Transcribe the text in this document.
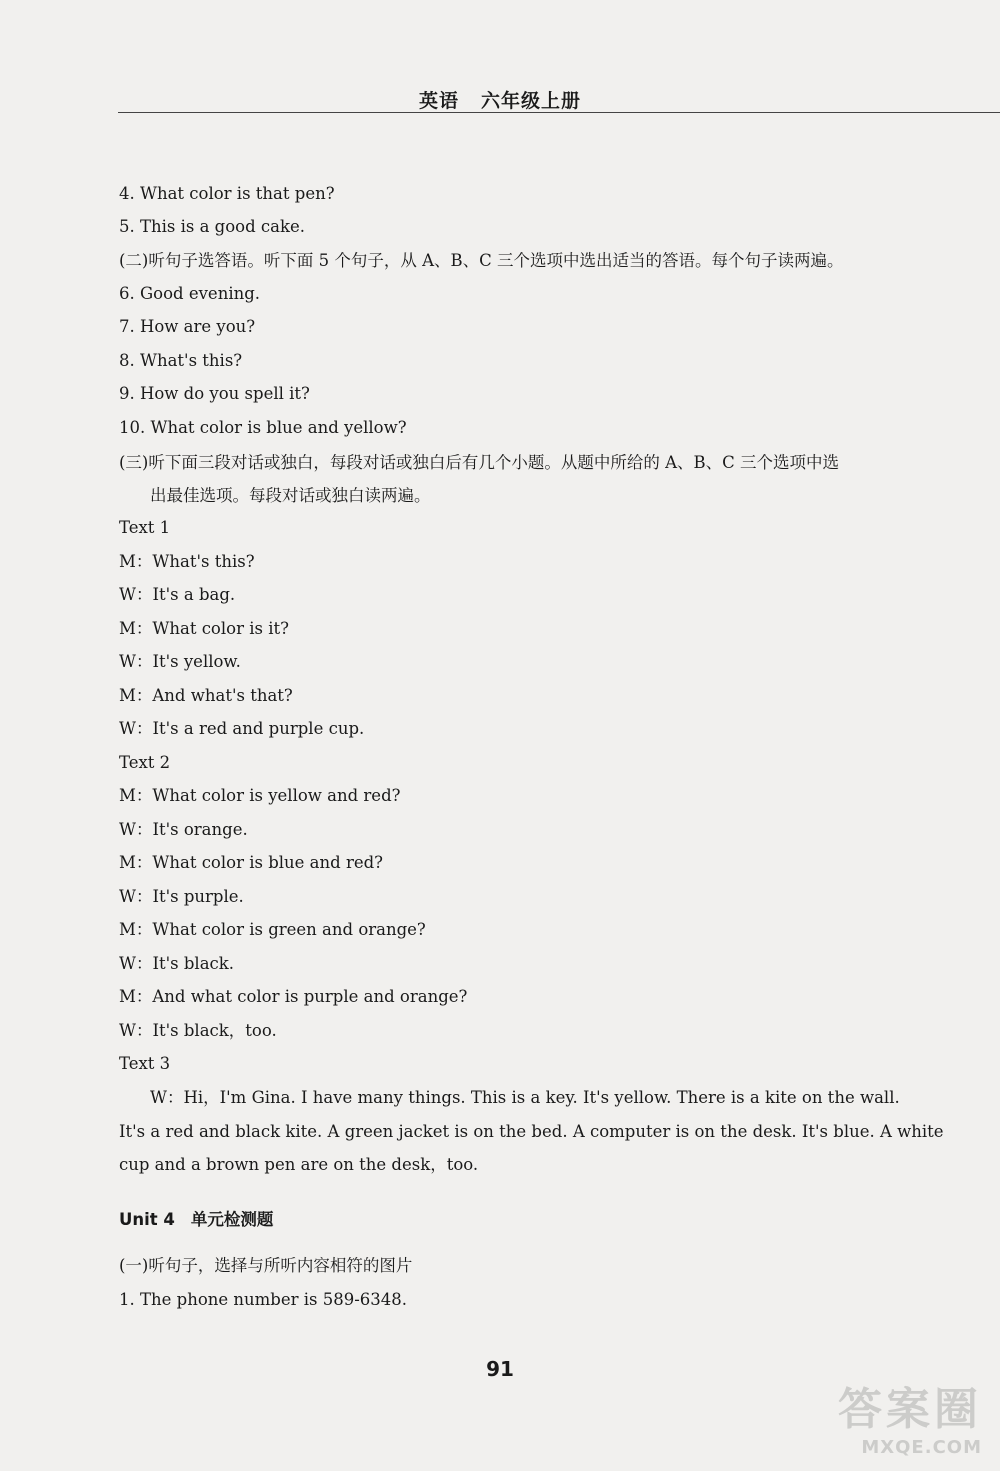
英语 六年级上册
4. What color is that pen?
5. This is a good cake.
(二)听句子选答语。听下面 5 个句子，从 A、B、C 三个选项中选出适当的答语。每个句子读两遍。
6. Good evening.
7. How are you?
8. What's this?
9. How do you spell it?
10. What color is blue and yellow?
(三)听下面三段对话或独白，每段对话或独白后有几个小题。从题中所给的 A、B、C 三个选项中选
出最佳选项。每段对话或独白读两遍。
Text 1
M：What's this?
W：It's a bag.
M：What color is it?
W：It's yellow.
M：And what's that?
W：It's a red and purple cup.
Text 2
M：What color is yellow and red?
W：It's orange.
M：What color is blue and red?
W：It's purple.
M：What color is green and orange?
W：It's black.
M：And what color is purple and orange?
W：It's black，too.
Text 3
W：Hi，I'm Gina. I have many things. This is a key. It's yellow. There is a kite on the wall.
It's a red and black kite. A green jacket is on the bed. A computer is on the desk. It's blue. A white
cup and a brown pen are on the desk，too.
Unit 4 单元检测题
(一)听句子，选择与所听内容相符的图片
1. The phone number is 589-6348.
91
答案圈
MXQE.COM
